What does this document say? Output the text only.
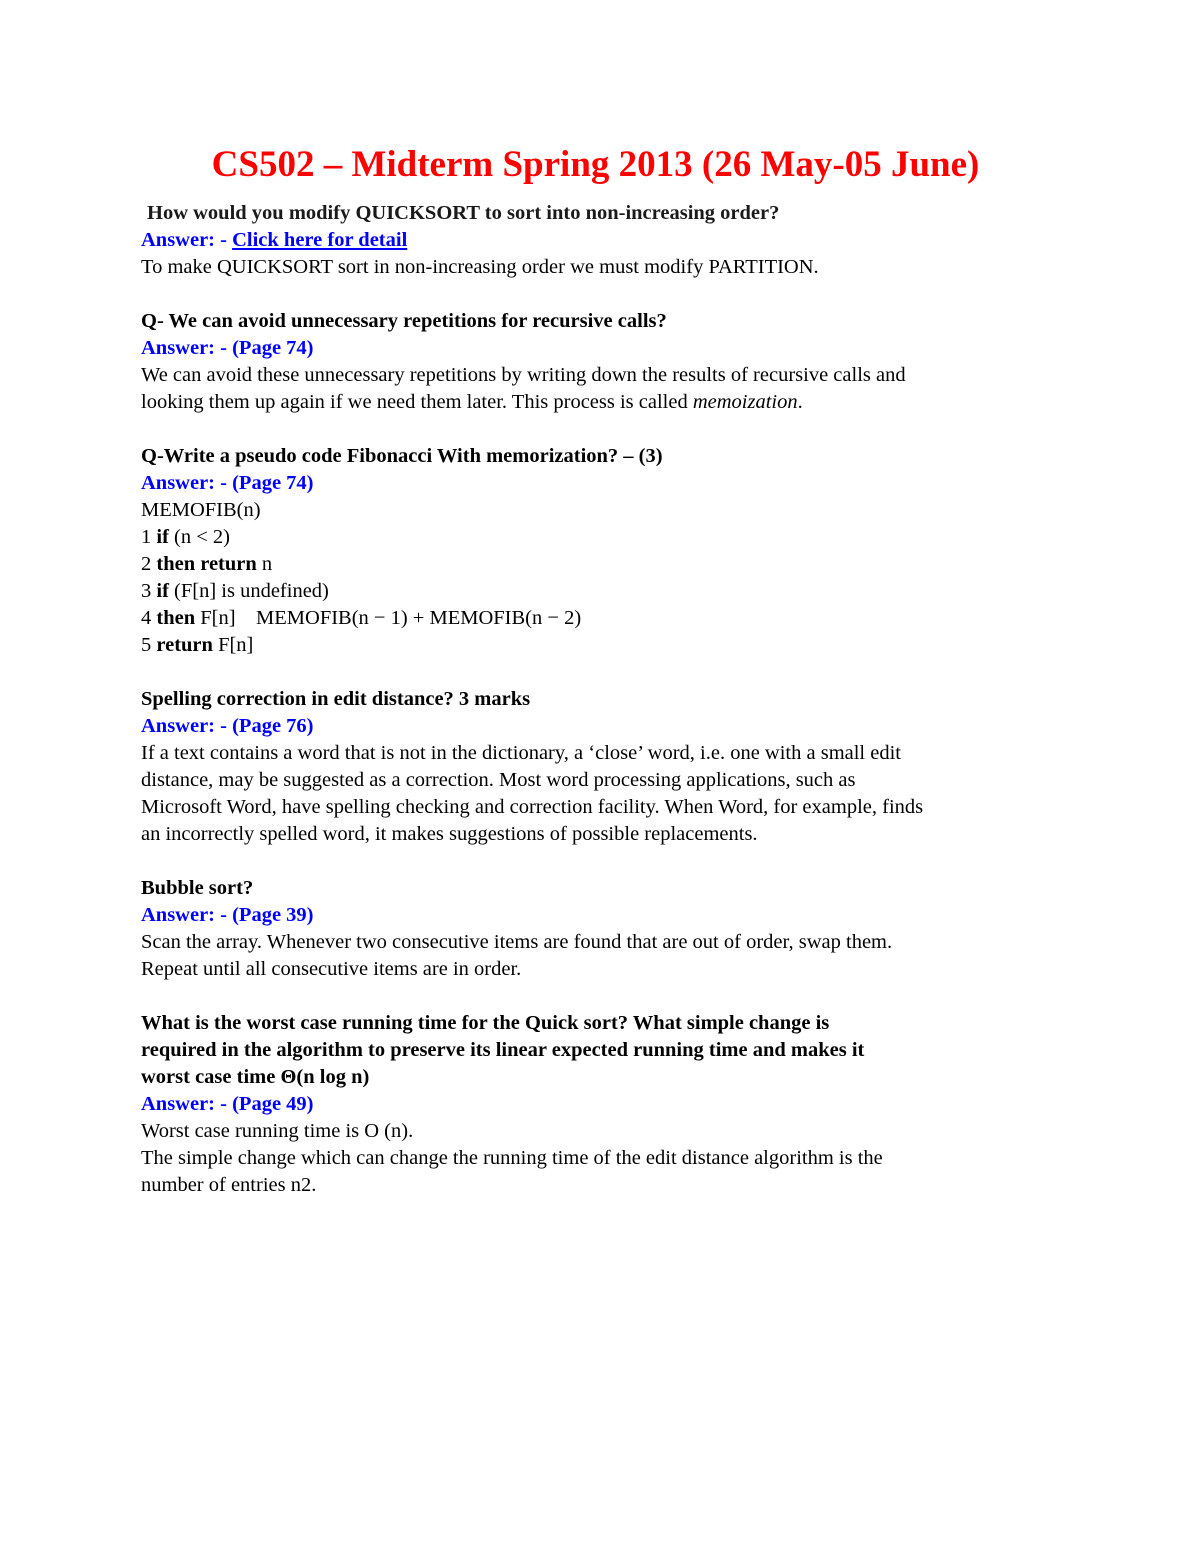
CS502 – Midterm Spring 2013 (26 May-05 June)

How would you modify QUICKSORT to sort into non-increasing order?

Answer: - Click here for detail

To make QUICKSORT sort in non-increasing order we must modify PARTITION.

Q- We can avoid unnecessary repetitions for recursive calls?

Answer: - (Page 74)

We can avoid these unnecessary repetitions by writing down the results of recursive calls and

looking them up again if we need them later. This process is called memoization.

Q-Write a pseudo code Fibonacci With memorization? – (3)

Answer: - (Page 74)

MEMOFIB(n)

1 if (n < 2)

2 then return n

3 if (F[n] is undefined)

4 then F[n]    MEMOFIB(n − 1) + MEMOFIB(n − 2)

5 return F[n]

Spelling correction in edit distance? 3 marks

Answer: - (Page 76)

If a text contains a word that is not in the dictionary, a ‘close’ word, i.e. one with a small edit

distance, may be suggested as a correction. Most word processing applications, such as

Microsoft Word, have spelling checking and correction facility. When Word, for example, finds

an incorrectly spelled word, it makes suggestions of possible replacements.

Bubble sort?

Answer: - (Page 39)

Scan the array. Whenever two consecutive items are found that are out of order, swap them.

Repeat until all consecutive items are in order.

What is the worst case running time for the Quick sort? What simple change is

required in the algorithm to preserve its linear expected running time and makes it

worst case time Θ(n log n)

Answer: - (Page 49)

Worst case running time is O (n).

The simple change which can change the running time of the edit distance algorithm is the

number of entries n2.
